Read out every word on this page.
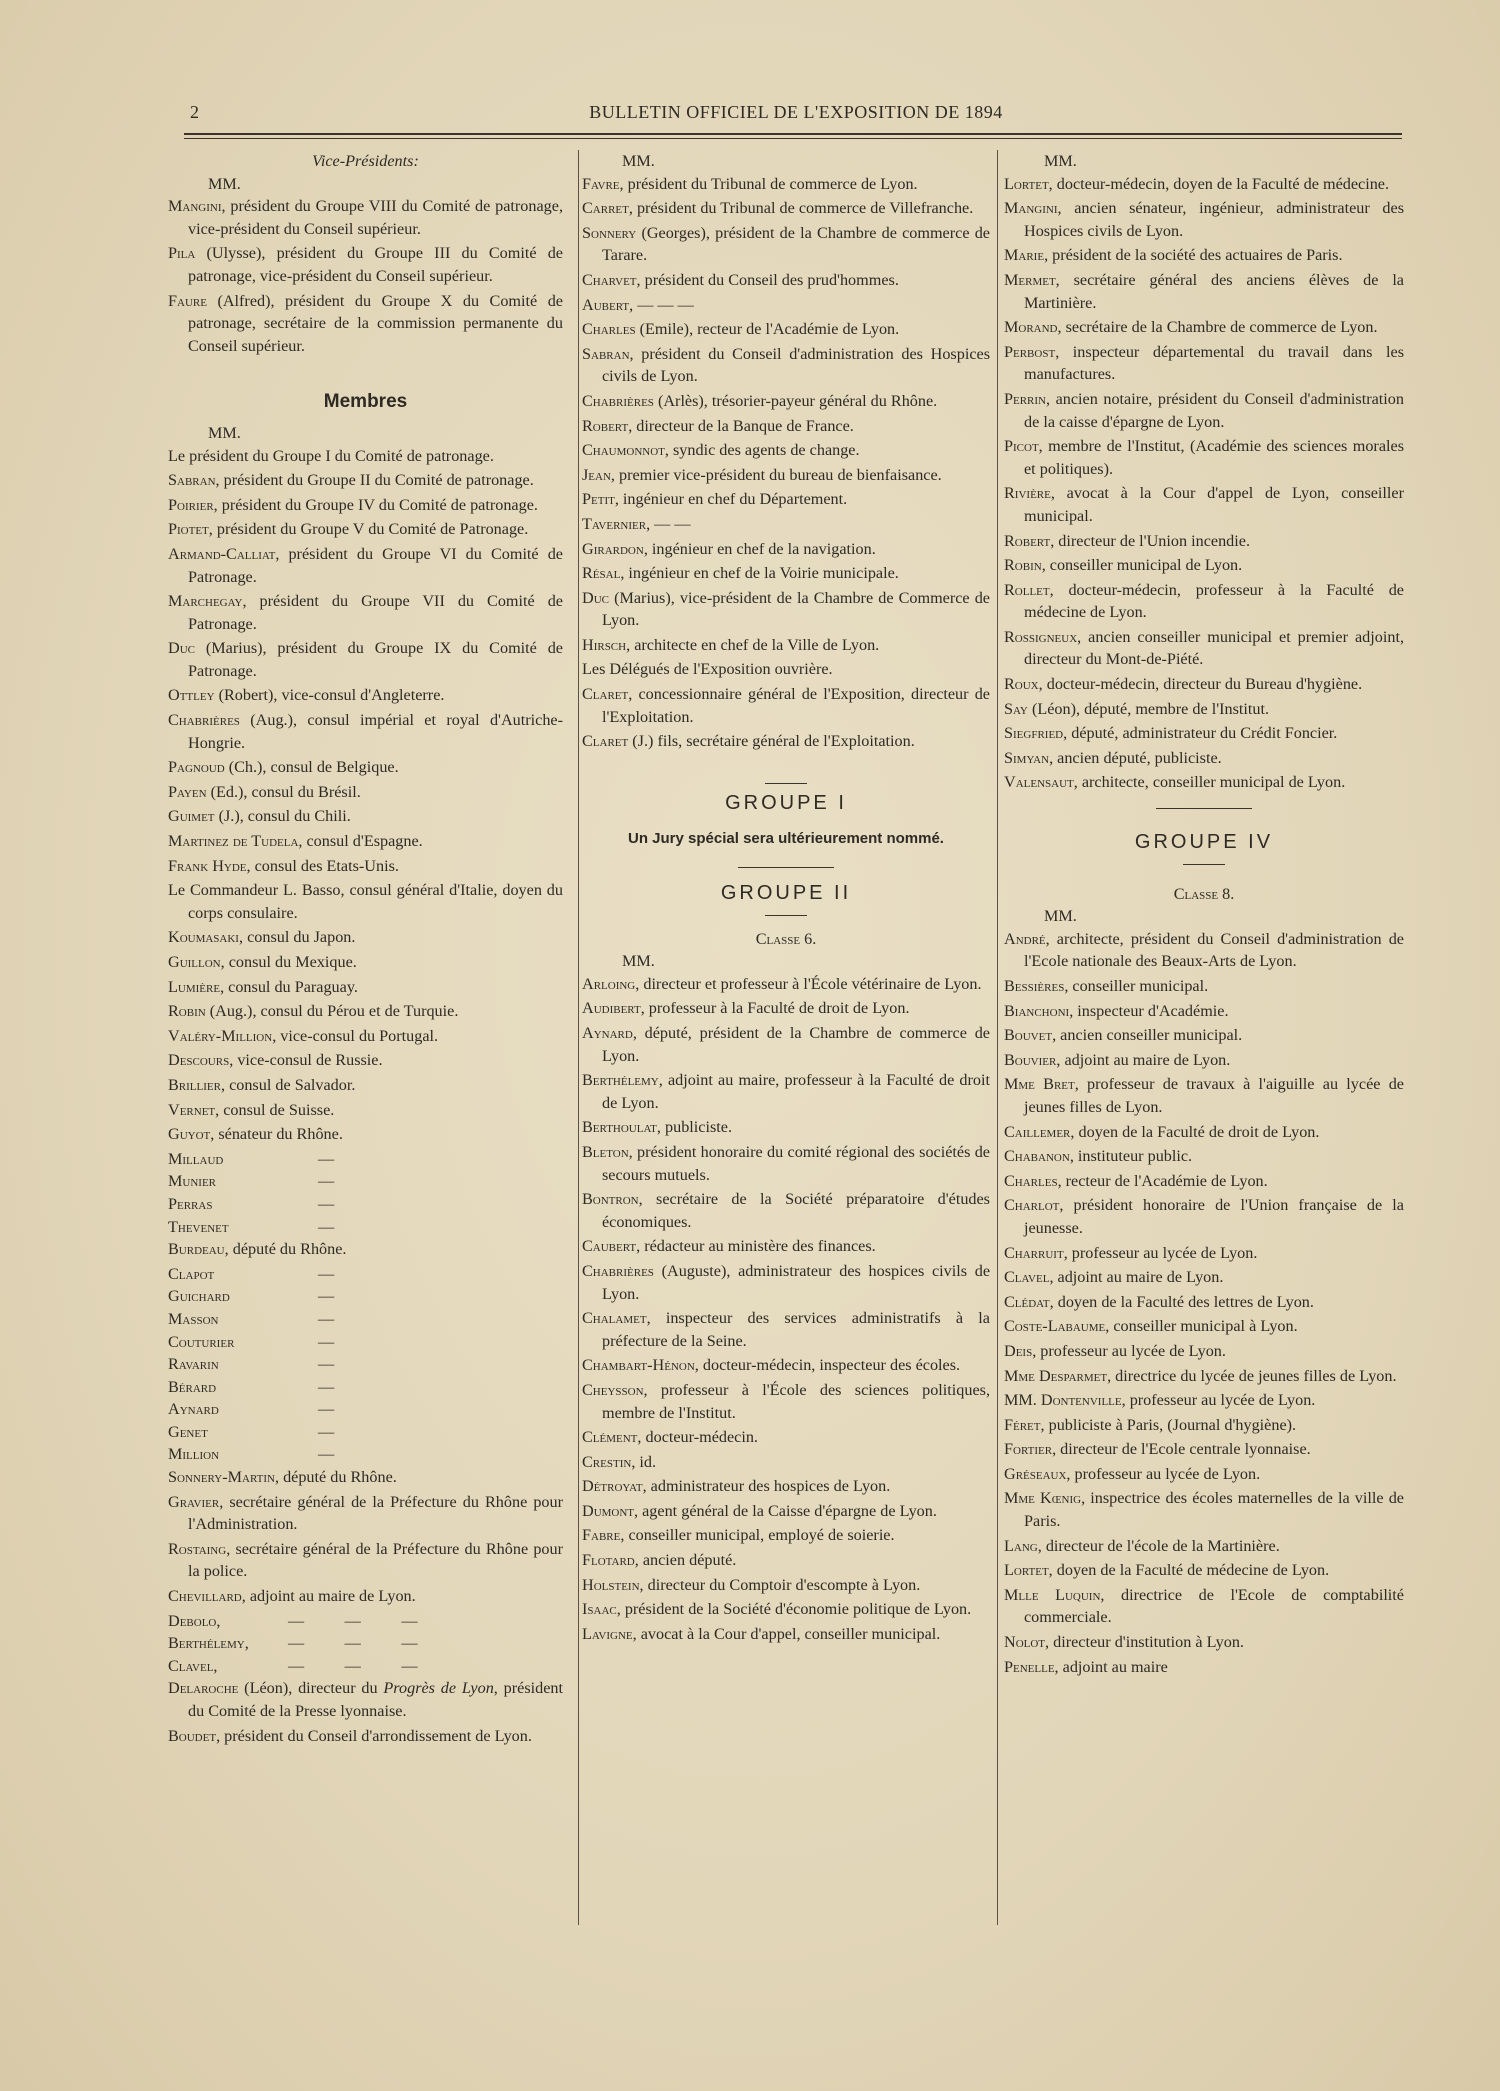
2	BULLETIN OFFICIEL DE L'EXPOSITION DE 1894
Vice-Présidents:
MM.
Mangini, président du Groupe VIII du Comité de patronage, vice-président du Conseil supérieur.
Pila (Ulysse), président du Groupe III du Comité de patronage, vice-président du Conseil supérieur.
Faure (Alfred), président du Groupe X du Comité de patronage, secrétaire de la commission permanente du Conseil supérieur.
Membres
MM.
Le président du Groupe I du Comité de patronage.
Sabran, président du Groupe II du Comité de patronage.
Poirier, président du Groupe IV du Comité de patronage.
Piotet, président du Groupe V du Comité de Patronage.
Armand-Calliat, président du Groupe VI du Comité de Patronage.
Marchegay, président du Groupe VII du Comité de Patronage.
Duc (Marius), président du Groupe IX du Comité de Patronage.
Ottley (Robert), vice-consul d'Angleterre.
Chabrières (Aug.), consul impérial et royal d'Autriche-Hongrie.
Pagnoud (Ch.), consul de Belgique.
Payen (Ed.), consul du Brésil.
Guimet (J.), consul du Chili.
Martinez de Tudela, consul d'Espagne.
Frank Hyde, consul des Etats-Unis.
Le Commandeur L. Basso, consul général d'Italie, doyen du corps consulaire.
Koumasaki, consul du Japon.
Guillon, consul du Mexique.
Lumière, consul du Paraguay.
Robin (Aug.), consul du Pérou et de Turquie.
Valéry-Million, vice-consul du Portugal.
Descours, vice-consul de Russie.
Brillier, consul de Salvador.
Vernet, consul de Suisse.
Guyot, sénateur du Rhône.
Millaud	—
Munier	—
Perras	—
Thevenet	—
Burdeau, député du Rhône.
Clapot	—
Guichard	—
Masson	—
Couturier	—
Ravarin	—
Bérard	—
Aynard	—
Genet	—
Million	—
Sonnery-Martin, député du Rhône.
Gravier, secrétaire général de la Préfecture du Rhône pour l'Administration.
Rostaing, secrétaire général de la Préfecture du Rhône pour la police.
Chevillard, adjoint au maire de Lyon.
Debolo,	—          —          —
Berthélemy,	—          —          —
Clavel,	—          —          —
Delaroche (Léon), directeur du Progrès de Lyon, président du Comité de la Presse lyonnaise.
Boudet, président du Conseil d'arrondissement de Lyon.
MM.
Favre, président du Tribunal de commerce de Lyon.
Carret, président du Tribunal de commerce de Villefranche.
Sonnery (Georges), président de la Chambre de commerce de Tarare.
Charvet, président du Conseil des prud'hommes.
Aubert, — — —
Charles (Emile), recteur de l'Académie de Lyon.
Sabran, président du Conseil d'administration des Hospices civils de Lyon.
Chabrières (Arlès), trésorier-payeur général du Rhône.
Robert, directeur de la Banque de France.
Chaumonnot, syndic des agents de change.
Jean, premier vice-président du bureau de bienfaisance.
Petit, ingénieur en chef du Département.
Tavernier, — —
Girardon, ingénieur en chef de la navigation.
Résal, ingénieur en chef de la Voirie municipale.
Duc (Marius), vice-président de la Chambre de Commerce de Lyon.
Hirsch, architecte en chef de la Ville de Lyon.
Les Délégués de l'Exposition ouvrière.
Claret, concessionnaire général de l'Exposition, directeur de l'Exploitation.
Claret (J.) fils, secrétaire général de l'Exploitation.
GROUPE I
Un Jury spécial sera ultérieurement nommé.
GROUPE II
Classe 6.
MM.
Arloing, directeur et professeur à l'École vétérinaire de Lyon.
Audibert, professeur à la Faculté de droit de Lyon.
Aynard, député, président de la Chambre de commerce de Lyon.
Berthélemy, adjoint au maire, professeur à la Faculté de droit de Lyon.
Berthoulat, publiciste.
Bleton, président honoraire du comité régional des sociétés de secours mutuels.
Bontron, secrétaire de la Société préparatoire d'études économiques.
Caubert, rédacteur au ministère des finances.
Chabrières (Auguste), administrateur des hospices civils de Lyon.
Chalamet, inspecteur des services administratifs à la préfecture de la Seine.
Chambart-Hénon, docteur-médecin, inspecteur des écoles.
Cheysson, professeur à l'École des sciences politiques, membre de l'Institut.
Clément, docteur-médecin.
Crestin, id.
Détroyat, administrateur des hospices de Lyon.
Dumont, agent général de la Caisse d'épargne de Lyon.
Fabre, conseiller municipal, employé de soierie.
Flotard, ancien député.
Holstein, directeur du Comptoir d'escompte à Lyon.
Isaac, président de la Société d'économie politique de Lyon.
Lavigne, avocat à la Cour d'appel, conseiller municipal.
MM.
Lortet, docteur-médecin, doyen de la Faculté de médecine.
Mangini, ancien sénateur, ingénieur, administrateur des Hospices civils de Lyon.
Marie, président de la société des actuaires de Paris.
Mermet, secrétaire général des anciens élèves de la Martinière.
Morand, secrétaire de la Chambre de commerce de Lyon.
Perbost, inspecteur départemental du travail dans les manufactures.
Perrin, ancien notaire, président du Conseil d'administration de la caisse d'épargne de Lyon.
Picot, membre de l'Institut, (Académie des sciences morales et politiques).
Rivière, avocat à la Cour d'appel de Lyon, conseiller municipal.
Robert, directeur de l'Union incendie.
Robin, conseiller municipal de Lyon.
Rollet, docteur-médecin, professeur à la Faculté de médecine de Lyon.
Rossigneux, ancien conseiller municipal et premier adjoint, directeur du Mont-de-Piété.
Roux, docteur-médecin, directeur du Bureau d'hygiène.
Say (Léon), député, membre de l'Institut.
Siegfried, député, administrateur du Crédit Foncier.
Simyan, ancien député, publiciste.
Valensaut, architecte, conseiller municipal de Lyon.
GROUPE IV
Classe 8.
MM.
André, architecte, président du Conseil d'administration de l'Ecole nationale des Beaux-Arts de Lyon.
Bessières, conseiller municipal.
Bianchoni, inspecteur d'Académie.
Bouvet, ancien conseiller municipal.
Bouvier, adjoint au maire de Lyon.
Mme Bret, professeur de travaux à l'aiguille au lycée de jeunes filles de Lyon.
Caillemer, doyen de la Faculté de droit de Lyon.
Chabanon, instituteur public.
Charles, recteur de l'Académie de Lyon.
Charlot, président honoraire de l'Union française de la jeunesse.
Charruit, professeur au lycée de Lyon.
Clavel, adjoint au maire de Lyon.
Clédat, doyen de la Faculté des lettres de Lyon.
Coste-Labaume, conseiller municipal à Lyon.
Deis, professeur au lycée de Lyon.
Mme Desparmet, directrice du lycée de jeunes filles de Lyon.
MM. Dontenville, professeur au lycée de Lyon.
Féret, publiciste à Paris, (Journal d'hygiène).
Fortier, directeur de l'Ecole centrale lyonnaise.
Gréseaux, professeur au lycée de Lyon.
Mme Kœnig, inspectrice des écoles maternelles de la ville de Paris.
Lang, directeur de l'école de la Martinière.
Lortet, doyen de la Faculté de médecine de Lyon.
Mlle Luquin, directrice de l'Ecole de comptabilité commerciale.
Nolot, directeur d'institution à Lyon.
Penelle, adjoint au maire
